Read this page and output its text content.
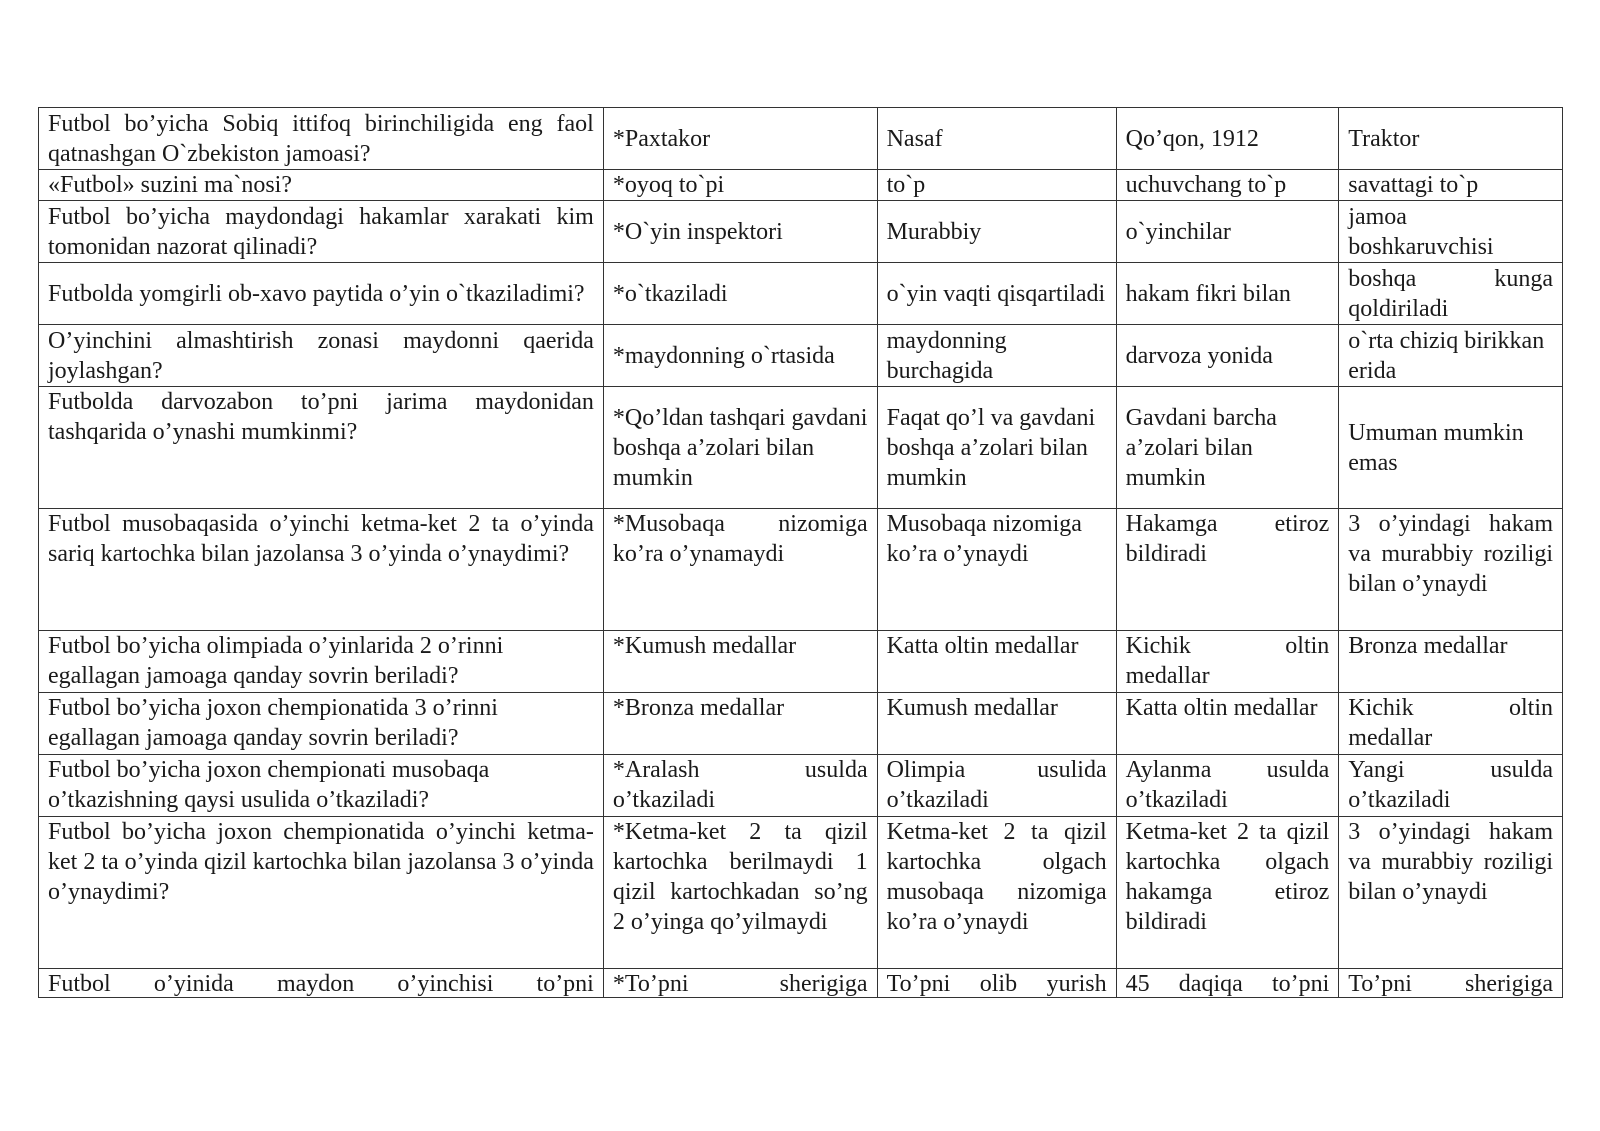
Futbol bo’yicha Sobiq ittifoq birinchiligida eng faol qatnashgan O`zbekiston jamoasi?	*Paxtakor	Nasaf	Qo’qon, 1912	Traktor
«Futbol» suzini ma`nosi?	*oyoq to`pi	to`p	uchuvchang to`p	savattagi to`p
Futbol bo’yicha maydondagi hakamlar xarakati kim tomonidan nazorat qilinadi?	*O`yin inspektori	Murabbiy	o`yinchilar	jamoa boshkaruvchisi
Futbolda yomgirli ob-xavo paytida o’yin o`tkaziladimi?	*o`tkaziladi	o`yin vaqti qisqartiladi	hakam fikri bilan	boshqa kunga qoldiriladi
O’yinchini almashtirish zonasi maydonni qaerida joylashgan?	*maydonning o`rtasida	maydonning burchagida	darvoza yonida	o`rta chiziq birikkan erida
Futbolda darvozabon to’pni jarima maydonidan tashqarida o’ynashi mumkinmi?	*Qo’ldan tashqari gavdani boshqa a’zolari bilan mumkin	Faqat qo’l va gavdani boshqa a’zolari bilan mumkin	Gavdani barcha a’zolari bilan mumkin	Umuman mumkin emas
Futbol musobaqasida o’yinchi ketma-ket 2 ta o’yinda sariq kartochka bilan jazolansa 3 o’yinda o’ynaydimi?	*Musobaqa nizomiga ko’ra o’ynamaydi	Musobaqa nizomiga ko’ra o’ynaydi	Hakamga etiroz bildiradi	3 o’yindagi hakam va murabbiy roziligi bilan o’ynaydi
Futbol bo’yicha olimpiada o’yinlarida 2 o’rinni egallagan jamoaga qanday sovrin beriladi?	*Kumush medallar	Katta oltin medallar	Kichik oltin medallar	Bronza medallar
Futbol bo’yicha joxon chempionatida 3 o’rinni egallagan jamoaga qanday sovrin beriladi?	*Bronza medallar	Kumush medallar	Katta oltin medallar	Kichik oltin medallar
Futbol bo’yicha joxon chempionati musobaqa o’tkazishning qaysi usulida o’tkaziladi?	*Aralash usulda o’tkaziladi	Olimpia usulida o’tkaziladi	Aylanma usulda o’tkaziladi	Yangi usulda o’tkaziladi
Futbol bo’yicha joxon chempionatida o’yinchi ketma-ket 2 ta o’yinda qizil kartochka bilan jazolansa 3 o’yinda o’ynaydimi?	*Ketma-ket 2 ta qizil kartochka berilmaydi 1 qizil kartochkadan so’ng 2 o’yinga qo’yilmaydi	Ketma-ket 2 ta qizil kartochka olgach musobaqa nizomiga ko’ra o’ynaydi	Ketma-ket 2 ta qizil kartochka olgach hakamga etiroz bildiradi	3 o’yindagi hakam va murabbiy roziligi bilan o’ynaydi

Futbol o’yinida maydon o’yinchisi to’pni	*To’pni sherigiga	To’pni olib yurish	45 daqiqa to’pni	To’pni sherigiga
